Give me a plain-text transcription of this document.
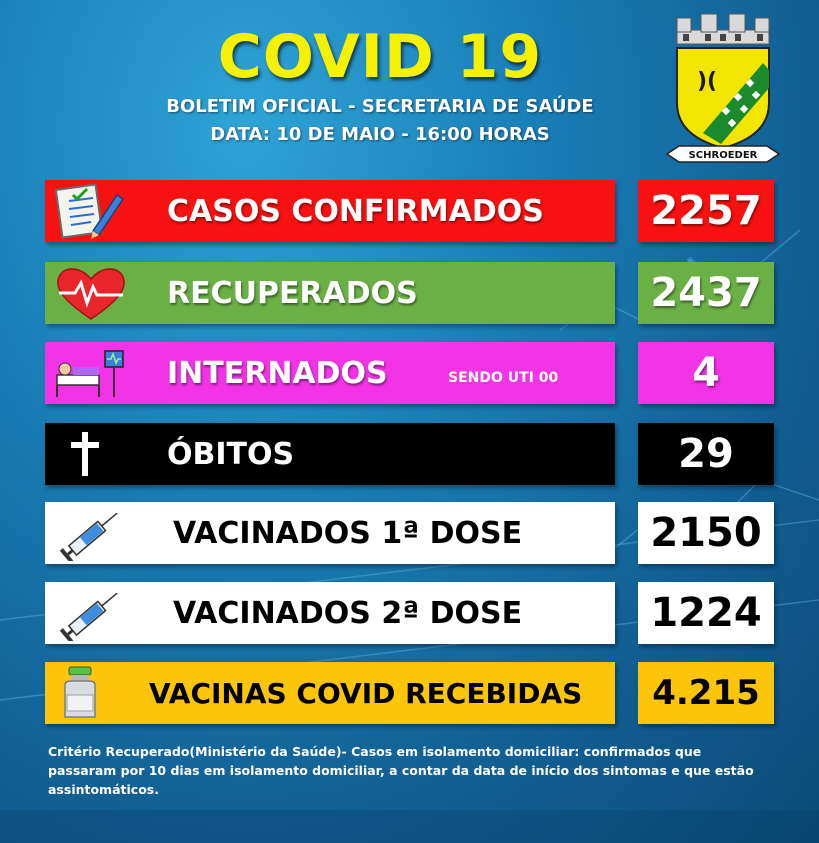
COVID 19
BOLETIM OFICIAL - SECRETARIA DE SAÚDE
DATA: 10 DE MAIO - 16:00 HORAS
)(
SCHROEDER
CASOS CONFIRMADOS	2257
RECUPERADOS	2437
INTERNADOS	SENDO UTI 00	4
ÓBITOS	29
VACINADOS 1ª DOSE	2150
VACINADOS 2ª DOSE	1224
VACINAS COVID RECEBIDAS	4.215
Critério Recuperado(Ministério da Saúde)- Casos em isolamento domiciliar: confirmados que passaram por 10 dias em isolamento domiciliar, a contar da data de início dos sintomas e que estão assintomáticos.
